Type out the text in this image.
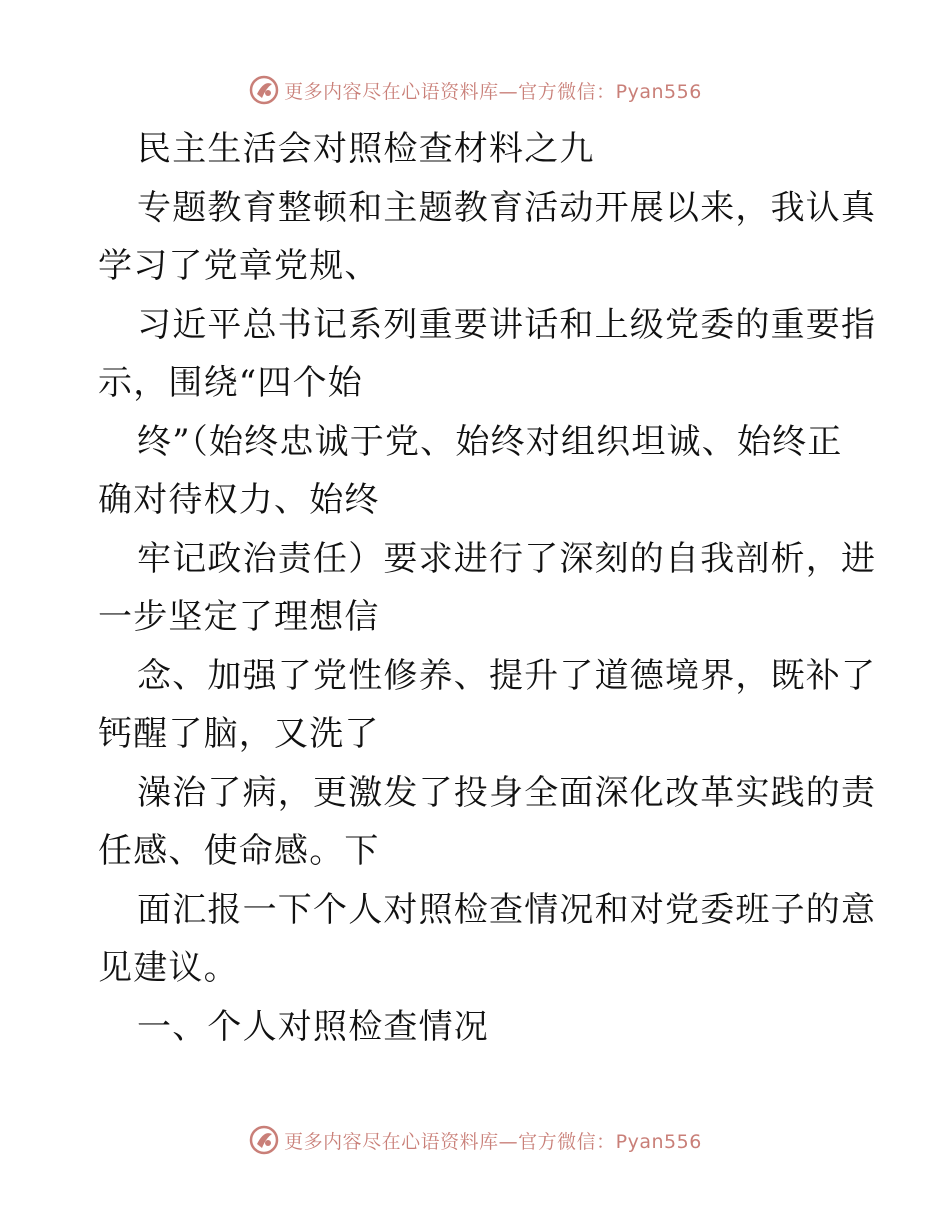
更多内容尽在心语资料库—官方微信：Pyan556
民主生活会对照检查材料之九
专题教育整顿和主题教育活动开展以来，我认真
学习了党章党规、
习近平总书记系列重要讲话和上级党委的重要指
示，围绕“四个始
终”（始终忠诚于党、始终对组织坦诚、始终正
确对待权力、始终
牢记政治责任）要求进行了深刻的自我剖析，进
一步坚定了理想信
念、加强了党性修养、提升了道德境界，既补了
钙醒了脑，又洗了
澡治了病，更激发了投身全面深化改革实践的责
任感、使命感。下
面汇报一下个人对照检查情况和对党委班子的意
见建议。
一、个人对照检查情况
更多内容尽在心语资料库—官方微信：Pyan556
